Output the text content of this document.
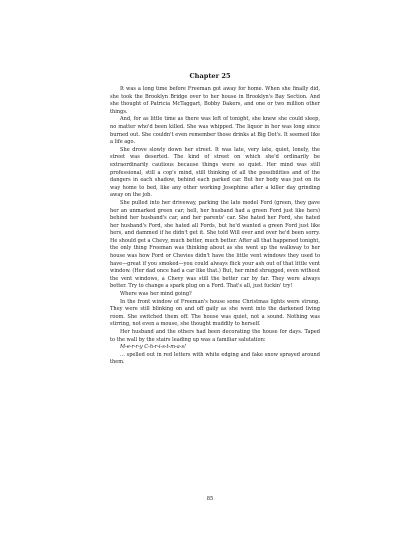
Chapter 25

It was a long time before Freeman got away for home. When she finally did, she took the Brooklyn Bridge over to her house in Brooklyn's Bay Section. And she thought of Patricia McTaggart, Bobby Dakers, and one or two million other things.

And, for as little time as there was left of tonight, she knew she could sleep, no matter who'd been killed. She was whipped. The liquor in her was long since burned out. She couldn't even remember those drinks at Big Dot's. It seemed like a life ago.

She drove slowly down her street. It was late, very late, quiet, lonely, the street was deserted. The kind of street on which she'd ordinarily be extraordinarily cautious because things were so quiet. Her mind was still professional, still a cop's mind, still thinking of all the possibilities and of the dangers in each shadow, behind each parked car. But her body was just on its way home to bed, like any other working Josephine after a killer day grinding away on the job.

She pulled into her driveway, parking the late model Ford (green, they gave her an unmarked green car; hell, her husband had a green Ford just like hers) behind her husband's car, and her parents' car. She hated her Ford, she hated her husband's Ford, she hated all Fords, but he'd wanted a green Ford just like hers, and dammed if he didn't get it. She told Will over and over he'd been sorry. He should get a Chevy, much better, much better. After all that happened tonight, the only thing Freeman was thinking about as she went up the walkway to her house was how Ford or Chevies didn't have the little vent windows they used to have—great if you smoked—you could always flick your ash out of that little vent window. (Her dad once had a car like that.) But, her mind shrugged, even without the vent windows, a Chevy was still the better car by far. They were always better. Try to change a spark plug on a Ford. That's all, just fuckin' try!

Where was her mind going?

In the front window of Freeman's house some Christmas lights were strung. They were still blinking on and off gaily as she went into the darkened living room. She switched them off. The house was quiet, not a sound. Nothing was stirring, not even a mouse, she thought muddily to herself.

Her husband and the others had been decorating the house for days. Taped to the wall by the stairs leading up was a familiar salutation:

M-e-r-r-y C-h-r-i-s-t-m-a-s!

... spelled out in red letters with white edging and fake snow sprayed around them.

85
